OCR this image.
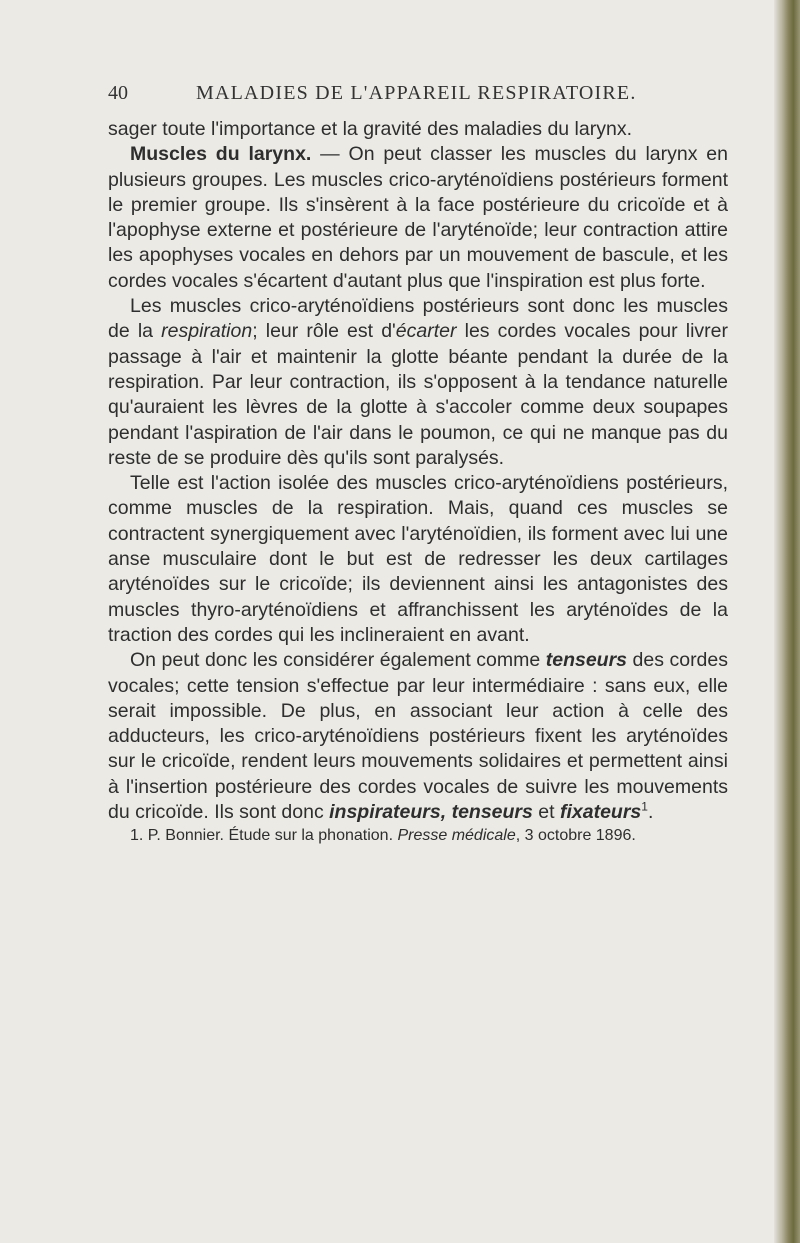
40	MALADIES DE L'APPAREIL RESPIRATOIRE.

sager toute l'importance et la gravité des maladies du larynx.

Muscles du larynx. — On peut classer les muscles du larynx en plusieurs groupes. Les muscles crico-aryténoïdiens postérieurs forment le premier groupe. Ils s'insèrent à la face postérieure du cricoïde et à l'apophyse externe et postérieure de l'aryténoïde; leur contraction attire les apophyses vocales en dehors par un mouvement de bascule, et les cordes vocales s'écartent d'autant plus que l'inspiration est plus forte.

Les muscles crico-aryténoïdiens postérieurs sont donc les muscles de la respiration; leur rôle est d'écarter les cordes vocales pour livrer passage à l'air et maintenir la glotte béante pendant la durée de la respiration. Par leur contraction, ils s'opposent à la tendance naturelle qu'auraient les lèvres de la glotte à s'accoler comme deux soupapes pendant l'aspiration de l'air dans le poumon, ce qui ne manque pas du reste de se produire dès qu'ils sont paralysés.

Telle est l'action isolée des muscles crico-aryténoïdiens postérieurs, comme muscles de la respiration. Mais, quand ces muscles se contractent synergiquement avec l'aryténoïdien, ils forment avec lui une anse musculaire dont le but est de redresser les deux cartilages aryténoïdes sur le cricoïde; ils deviennent ainsi les antagonistes des muscles thyro-aryténoïdiens et affranchissent les aryténoïdes de la traction des cordes qui les inclineraient en avant.

On peut donc les considérer également comme tenseurs des cordes vocales; cette tension s'effectue par leur intermédiaire : sans eux, elle serait impossible. De plus, en associant leur action à celle des adducteurs, les crico-aryténoïdiens postérieurs fixent les aryténoïdes sur le cricoïde, rendent leurs mouvements solidaires et permettent ainsi à l'insertion postérieure des cordes vocales de suivre les mouvements du cricoïde. Ils sont donc inspirateurs, tenseurs et fixateurs$^1$.

1. P. Bonnier. Étude sur la phonation. Presse médicale, 3 octobre 1896.
